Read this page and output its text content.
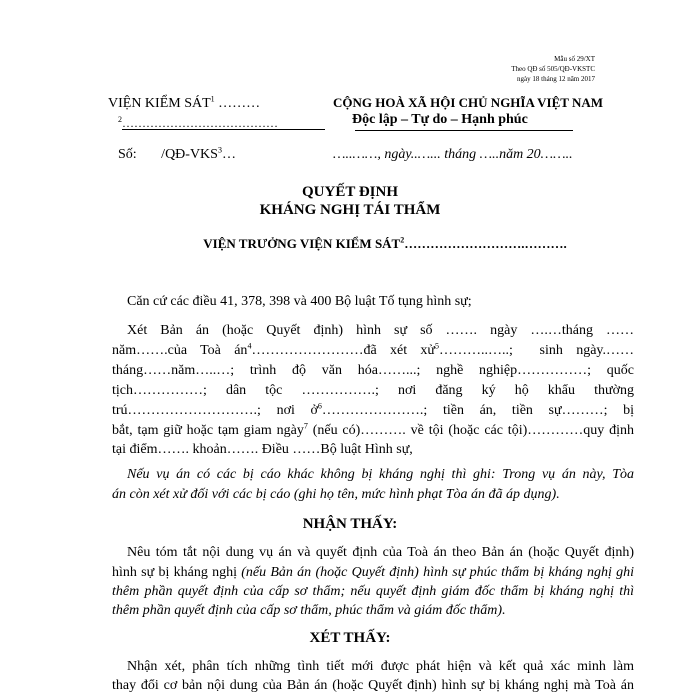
Mẫu số 29/XT
Theo QĐ số 505/QĐ-VKSTC
ngày 18 tháng 12 năm 2017
VIỆN KIỂM SÁT$^1$ ………
$^2$…………………………………
CỘNG HOÀ XÃ HỘI CHỦ NGHĨA VIỆT NAM
Độc lập – Tự do – Hạnh phúc
Số:       /QĐ-VKS$^3$…	…..……, ngày..…... tháng …..năm 20……..
QUYẾT ĐỊNH
KHÁNG NGHỊ TÁI THẨM
VIỆN TRƯỞNG VIỆN KIỂM SÁT$^2$……………………….……….
Căn cứ các điều 41, 378, 398 và 400 Bộ luật Tố tụng hình sự;
Xét Bản án (hoặc Quyết định) hình sự số ……. ngày ….…tháng ……
năm…….của Toà $án^4\dots\dots\dots\dots\dots\dots\dots\dots đã$ xét xử$^5$………..…..;  sinh ngày.……
tháng……năm…..…; trình độ văn hóa……...; nghề nghiệp……………; quốc
tịch……………; dân tộc …………….; nơi đăng ký hộ khẩu thường
trú……………………….; nơi ở$^6$………………….; tiền án, tiền sự………; bị
bắt, tạm giữ hoặc tạm giam ngày$^7$ (nếu có)………. về tội (hoặc các tội)…………quy định
tại điểm……. khoản……. Điều ……Bộ luật Hình sự,
Nếu vụ án có các bị cáo khác không bị kháng nghị thì ghi: Trong vụ án này, Tòa
án còn xét xử đối với các bị cáo (ghi họ tên, mức hình phạt Tòa án đã áp dụng).
NHẬN THẤY:
Nêu tóm tắt nội dung vụ án và quyết định của Toà án theo Bản án (hoặc Quyết định)
hình sự bị kháng nghị (nếu Bản án (hoặc Quyết định) hình sự phúc thẩm bị kháng nghị ghi
thêm phần quyết định của cấp sơ thẩm; nếu quyết định giám đốc thẩm bị kháng nghị thì
thêm phần quyết định của cấp sơ thẩm, phúc thẩm và giám đốc thẩm).
XÉT THẤY:
Nhận xét, phân tích những tình tiết mới được phát hiện và kết quả xác minh làm
thay đổi cơ bản nội dung của Bản án (hoặc Quyết định) hình sự bị kháng nghị mà Toà án
